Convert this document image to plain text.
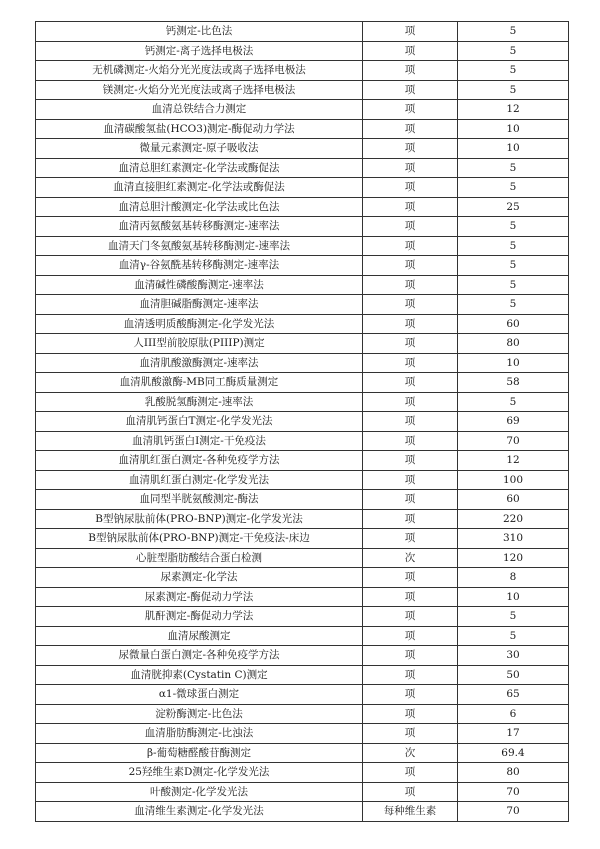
钙测定-比色法	项	5
钙测定-离子选择电极法	项	5
无机磷测定-火焰分光光度法或离子选择电极法	项	5
镁测定-火焰分光光度法或离子选择电极法	项	5
血清总铁结合力测定	项	12
血清碳酸氢盐(HCO3)测定-酶促动力学法	项	10
微量元素测定-原子吸收法	项	10
血清总胆红素测定-化学法或酶促法	项	5
血清直接胆红素测定-化学法或酶促法	项	5
血清总胆汁酸测定-化学法或比色法	项	25
血清丙氨酸氨基转移酶测定-速率法	项	5
血清天门冬氨酸氨基转移酶测定-速率法	项	5
血清γ-谷氨酰基转移酶测定-速率法	项	5
血清碱性磷酸酶测定-速率法	项	5
血清胆碱脂酶测定-速率法	项	5
血清透明质酸酶测定-化学发光法	项	60
人III型前胶原肽(PIIIP)测定	项	80
血清肌酸激酶测定-速率法	项	10
血清肌酸激酶-MB同工酶质量测定	项	58
乳酸脱氢酶测定-速率法	项	5
血清肌钙蛋白T测定-化学发光法	项	69
血清肌钙蛋白Ⅰ测定-干免疫法	项	70
血清肌红蛋白测定-各种免疫学方法	项	12
血清肌红蛋白测定-化学发光法	项	100
血同型半胱氨酸测定-酶法	项	60
B型钠尿肽前体(PRO-BNP)测定-化学发光法	项	220
B型钠尿肽前体(PRO-BNP)测定-干免疫法-床边	项	310
心脏型脂肪酸结合蛋白检测	次	120
尿素测定-化学法	项	8
尿素测定-酶促动力学法	项	10
肌酐测定-酶促动力学法	项	5
血清尿酸测定	项	5
尿微量白蛋白测定-各种免疫学方法	项	30
血清胱抑素(Cystatin C)测定	项	50
α1-微球蛋白测定	项	65
淀粉酶测定-比色法	项	6
血清脂肪酶测定-比浊法	项	17
β-葡萄糖醛酸苷酶测定	次	69.4
25羟维生素D测定-化学发光法	项	80
叶酸测定-化学发光法	项	70
血清维生素测定-化学发光法	每种维生素	70
